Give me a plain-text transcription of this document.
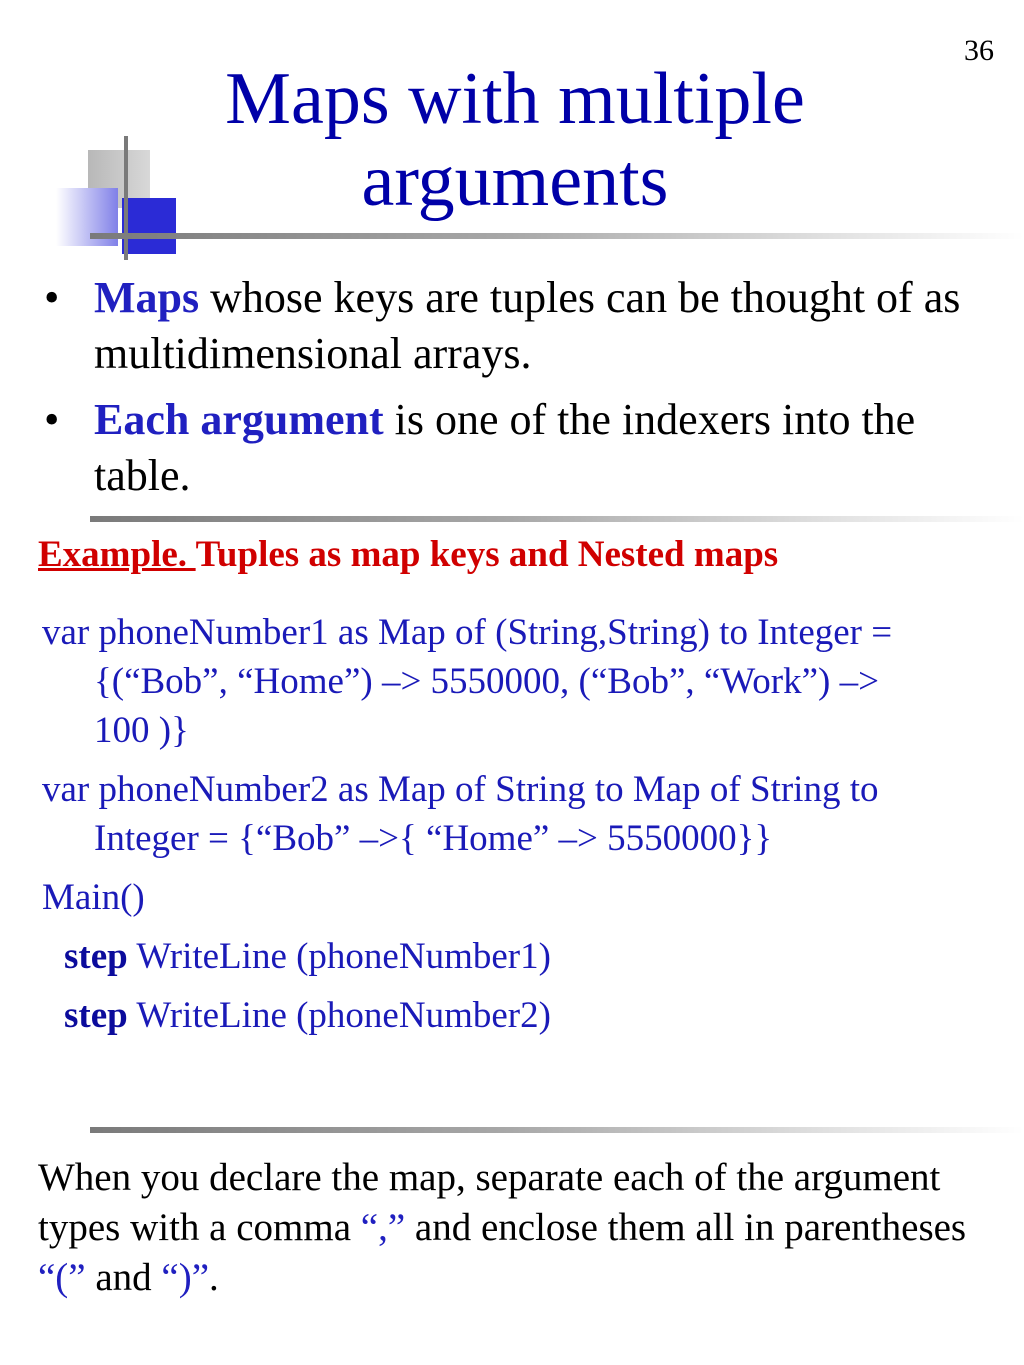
36
Maps with multiple arguments
• Maps whose keys are tuples can be thought of as multidimensional arrays.
• Each argument is one of the indexers into the table.
Example. Tuples as map keys and Nested maps
var phoneNumber1 as Map of (String,String) to Integer = {(“Bob”, “Home”) –> 5550000, (“Bob”, “Work”) –> 100 )}
var phoneNumber2 as Map of String to Map of String to Integer = {“Bob” –>{ “Home” –> 5550000}}
Main()
step WriteLine (phoneNumber1)
step WriteLine (phoneNumber2)
When you declare the map, separate each of the argument types with a comma “,” and enclose them all in parentheses “(” and “)”.
